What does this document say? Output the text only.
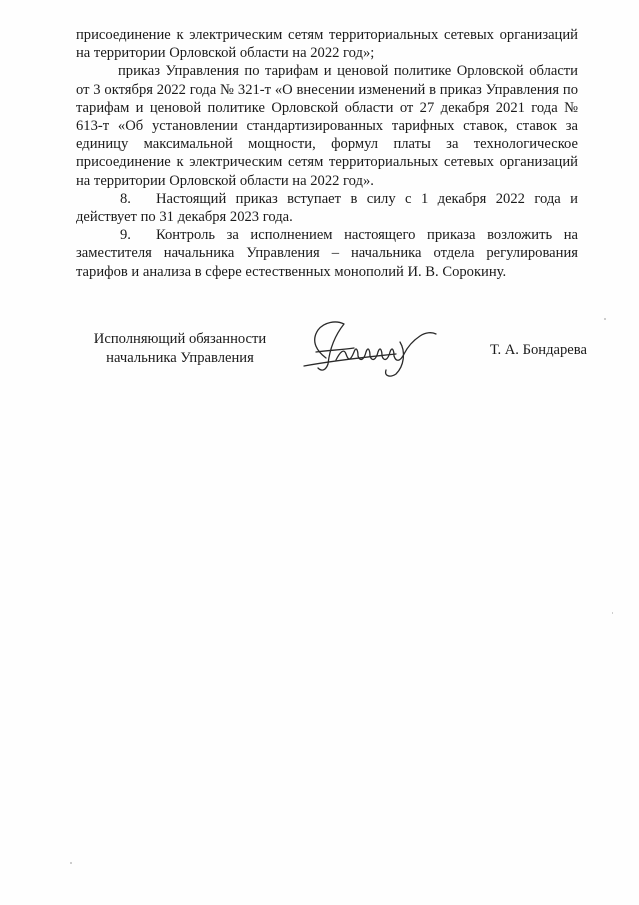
присоединение к электрическим сетям территориальных сетевых организаций на территории Орловской области на 2022 год»;

приказ Управления по тарифам и ценовой политике Орловской области от 3 октября 2022 года № 321-т «О внесении изменений в приказ Управления по тарифам и ценовой политике Орловской области от 27 декабря 2021 года № 613-т «Об установлении стандартизированных тарифных ставок, ставок за единицу максимальной мощности, формул платы за технологическое присоединение к электрическим сетям территориальных сетевых организаций на территории Орловской области на 2022 год».

8. Настоящий приказ вступает в силу с 1 декабря 2022 года и действует по 31 декабря 2023 года.

9. Контроль за исполнением настоящего приказа возложить на заместителя начальника Управления – начальника отдела регулирования тарифов и анализа в сфере естественных монополий И. В. Сорокину.

Исполняющий обязанности
начальника Управления	Т. А. Бондарева
